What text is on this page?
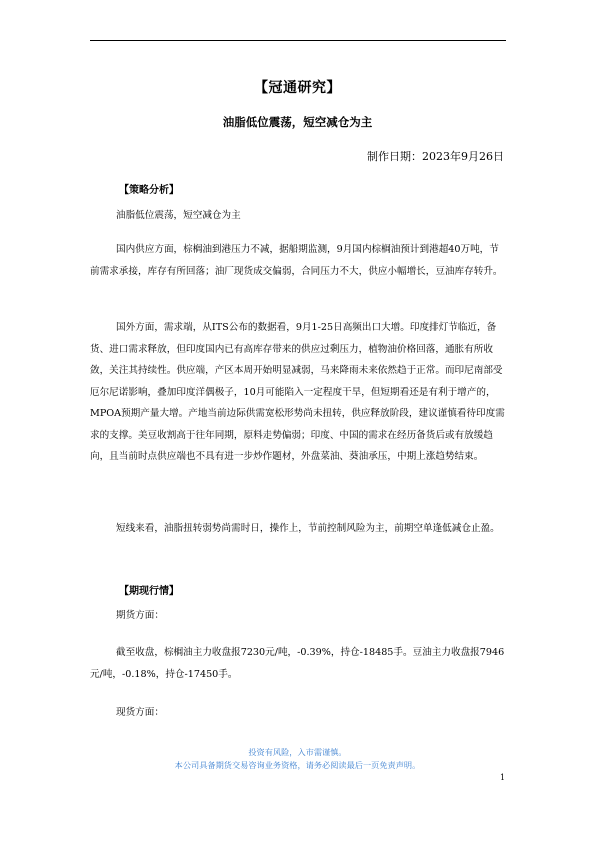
【冠通研究】
油脂低位震荡，短空减仓为主
制作日期：2023年9月26日
【策略分析】

油脂低位震荡，短空减仓为主

国内供应方面，棕榈油到港压力不减，据船期监测，9月国内棕榈油预计到港超40万吨，节前需求承接，库存有所回落；油厂现货成交偏弱，合同压力不大，供应小幅增长，豆油库存转升。

国外方面，需求端，从ITS公布的数据看，9月1-25日高频出口大增。印度排灯节临近，备货、进口需求释放，但印度国内已有高库存带来的供应过剩压力，植物油价格回落，通胀有所收敛，关注其持续性。供应端，产区本周开始明显减弱，马来降雨未来依然趋于正常。而印尼南部受厄尔尼诺影响，叠加印度洋偶极子，10月可能陷入一定程度干旱，但短期看还是有利于增产的，MPOA预期产量大增。产地当前边际供需宽松形势尚未扭转，供应释放阶段，建议谨慎看待印度需求的支撑。美豆收割高于往年同期，原料走势偏弱；印度、中国的需求在经历备货后或有放缓趋向，且当前时点供应端也不具有进一步炒作题材，外盘菜油、葵油承压，中期上涨趋势结束。

短线来看，油脂扭转弱势尚需时日，操作上，节前控制风险为主，前期空单逢低减仓止盈。

【期现行情】

期货方面：

截至收盘，棕榈油主力收盘报7230元/吨，-0.39%，持仓-18485手。豆油主力收盘报7946元/吨，-0.18%，持仓-17450手。

现货方面：

投资有风险，入市需谨慎。
本公司具备期货交易咨询业务资格，请务必阅读最后一页免责声明。
1
